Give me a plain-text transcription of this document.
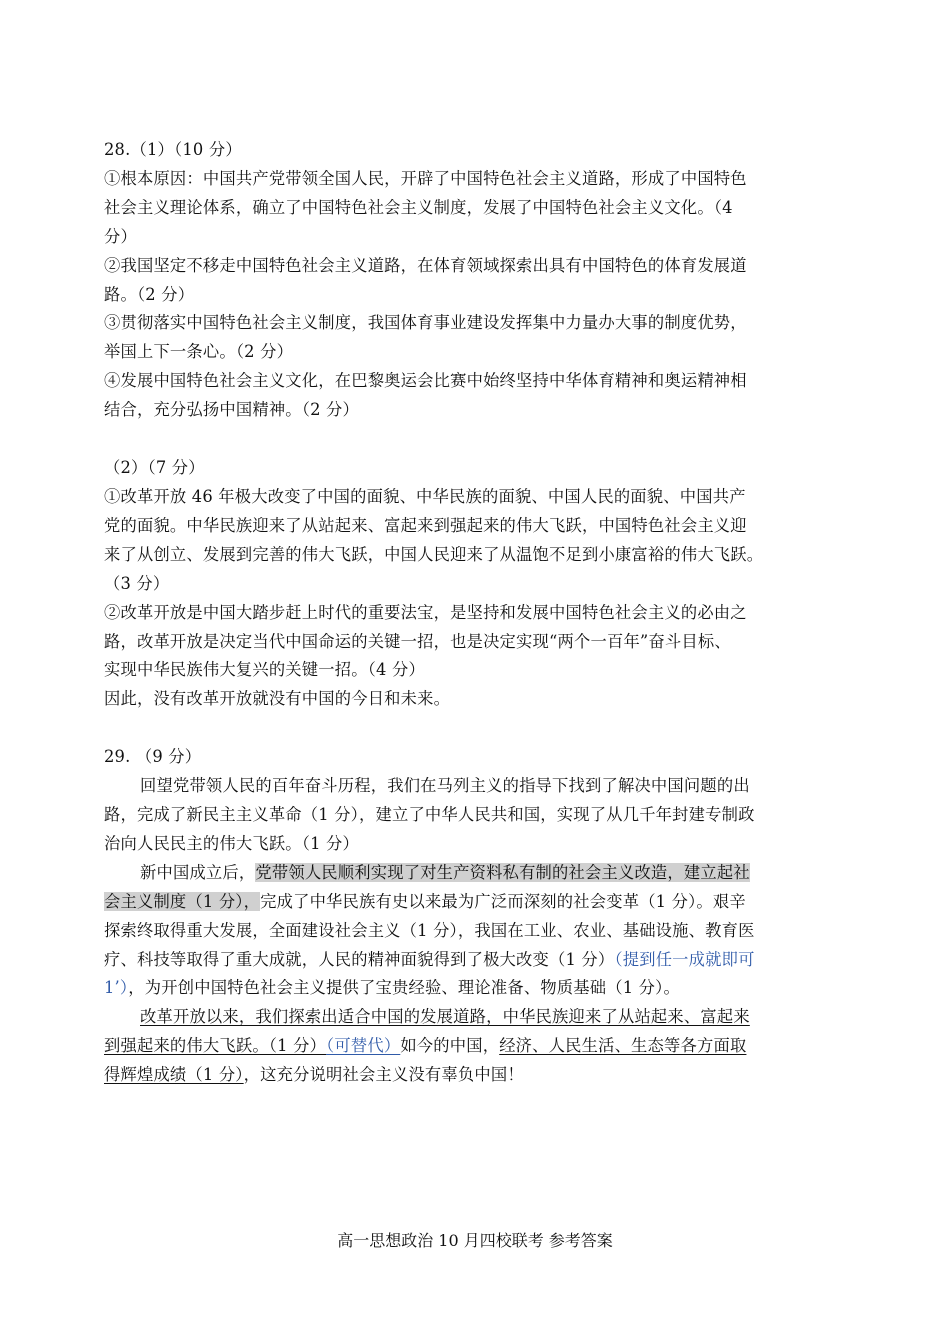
28.（1）（10 分）
①根本原因：中国共产党带领全国人民，开辟了中国特色社会主义道路，形成了中国特色
社会主义理论体系，确立了中国特色社会主义制度，发展了中国特色社会主义文化。（4
分）
②我国坚定不移走中国特色社会主义道路，在体育领域探索出具有中国特色的体育发展道
路。（2 分）
③贯彻落实中国特色社会主义制度，我国体育事业建设发挥集中力量办大事的制度优势，
举国上下一条心。（2 分）
④发展中国特色社会主义文化，在巴黎奥运会比赛中始终坚持中华体育精神和奥运精神相
结合，充分弘扬中国精神。（2 分）
（2）（7 分）
①改革开放 46 年极大改变了中国的面貌、中华民族的面貌、中国人民的面貌、中国共产
党的面貌。中华民族迎来了从站起来、富起来到强起来的伟大飞跃，中国特色社会主义迎
来了从创立、发展到完善的伟大飞跃，中国人民迎来了从温饱不足到小康富裕的伟大飞跃。
（3 分）
②改革开放是中国大踏步赶上时代的重要法宝，是坚持和发展中国特色社会主义的必由之
路，改革开放是决定当代中国命运的关键一招，也是决定实现“两个一百年”奋斗目标、
实现中华民族伟大复兴的关键一招。（4 分）
因此，没有改革开放就没有中国的今日和未来。
29. （9 分）
回望党带领人民的百年奋斗历程，我们在马列主义的指导下找到了解决中国问题的出
路，完成了新民主主义革命（1 分），建立了中华人民共和国，实现了从几千年封建专制政
治向人民民主的伟大飞跃。（1 分）
新中国成立后，党带领人民顺利实现了对生产资料私有制的社会主义改造，建立起社
会主义制度（1 分），完成了中华民族有史以来最为广泛而深刻的社会变革（1 分）。艰辛
探索终取得重大发展，全面建设社会主义（1 分），我国在工业、农业、基础设施、教育医
疗、科技等取得了重大成就，人民的精神面貌得到了极大改变（1 分）（提到任一成就即可
1’），为开创中国特色社会主义提供了宝贵经验、理论准备、物质基础（1 分）。
改革开放以来，我们探索出适合中国的发展道路，中华民族迎来了从站起来、富起来
到强起来的伟大飞跃。（1 分）（可替代）如今的中国，经济、人民生活、生态等各方面取
得辉煌成绩（1 分），这充分说明社会主义没有辜负中国！
高一思想政治 10 月四校联考 参考答案
